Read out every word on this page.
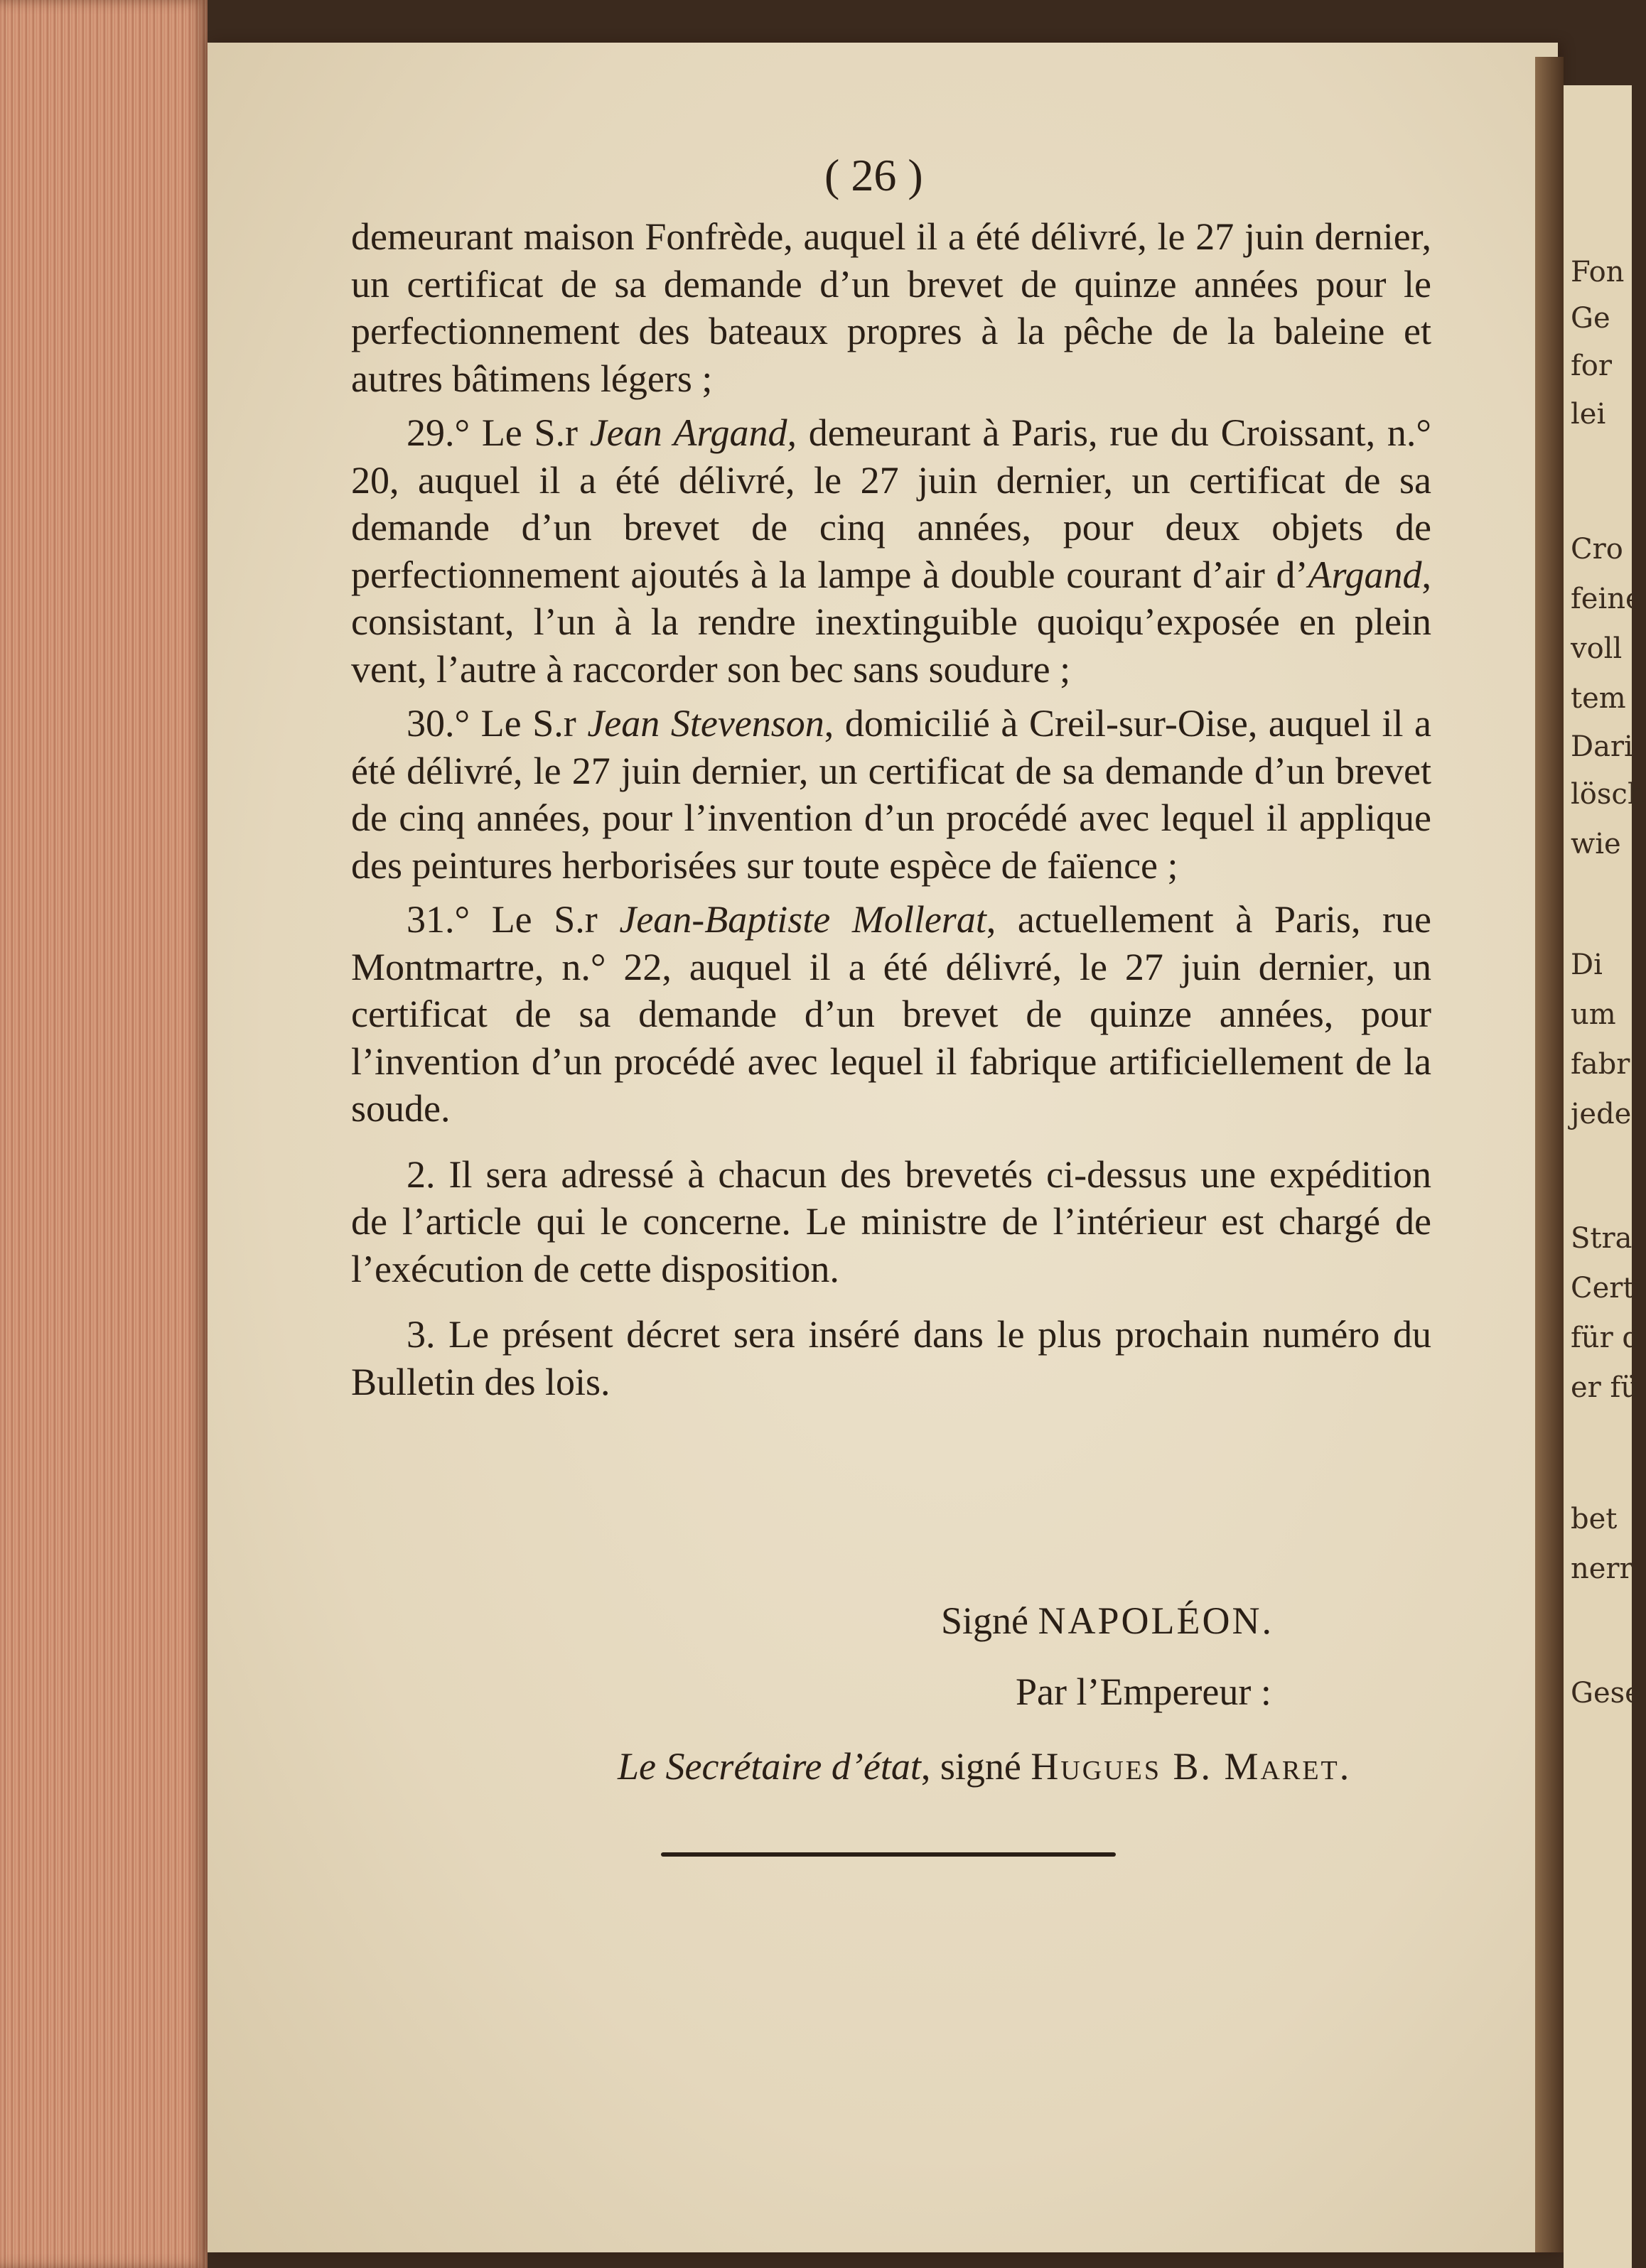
Fon
Ge
for
lei
Cro
feine
voll
tem
Dari
lösch
wie
Di
um
fabr
jede
Stra
Certi
für d
er fü
bet
nerr
Gese
( 26 )

demeurant maison Fonfrède, auquel il a été délivré, le 27 juin dernier, un certificat de sa demande d’un brevet de quinze années pour le perfectionnement des bateaux propres à la pêche de la baleine et autres bâtimens légers ;

29.° Le S.r Jean Argand, demeurant à Paris, rue du Croissant, n.° 20, auquel il a été délivré, le 27 juin dernier, un certificat de sa demande d’un brevet de cinq années, pour deux objets de perfectionnement ajoutés à la lampe à double courant d’air d’Argand, consistant, l’un à la rendre inextinguible quoiqu’exposée en plein vent, l’autre à raccorder son bec sans soudure ;

30.° Le S.r Jean Stevenson, domicilié à Creil-sur-Oise, auquel il a été délivré, le 27 juin dernier, un certificat de sa demande d’un brevet de cinq années, pour l’invention d’un procédé avec lequel il applique des peintures herborisées sur toute espèce de faïence ;

31.° Le S.r Jean-Baptiste Mollerat, actuellement à Paris, rue Montmartre, n.° 22, auquel il a été délivré, le 27 juin dernier, un certificat de sa demande d’un brevet de quinze années, pour l’invention d’un procédé avec lequel il fabrique artificiellement de la soude.

2. Il sera adressé à chacun des brevetés ci-dessus une expédition de l’article qui le concerne. Le ministre de l’intérieur est chargé de l’exécution de cette disposition.

3. Le présent décret sera inséré dans le plus prochain numéro du Bulletin des lois.

Signé NAPOLÉON.
Par l’Empereur :
Le Secrétaire d’état, signé Hugues B. Maret.
